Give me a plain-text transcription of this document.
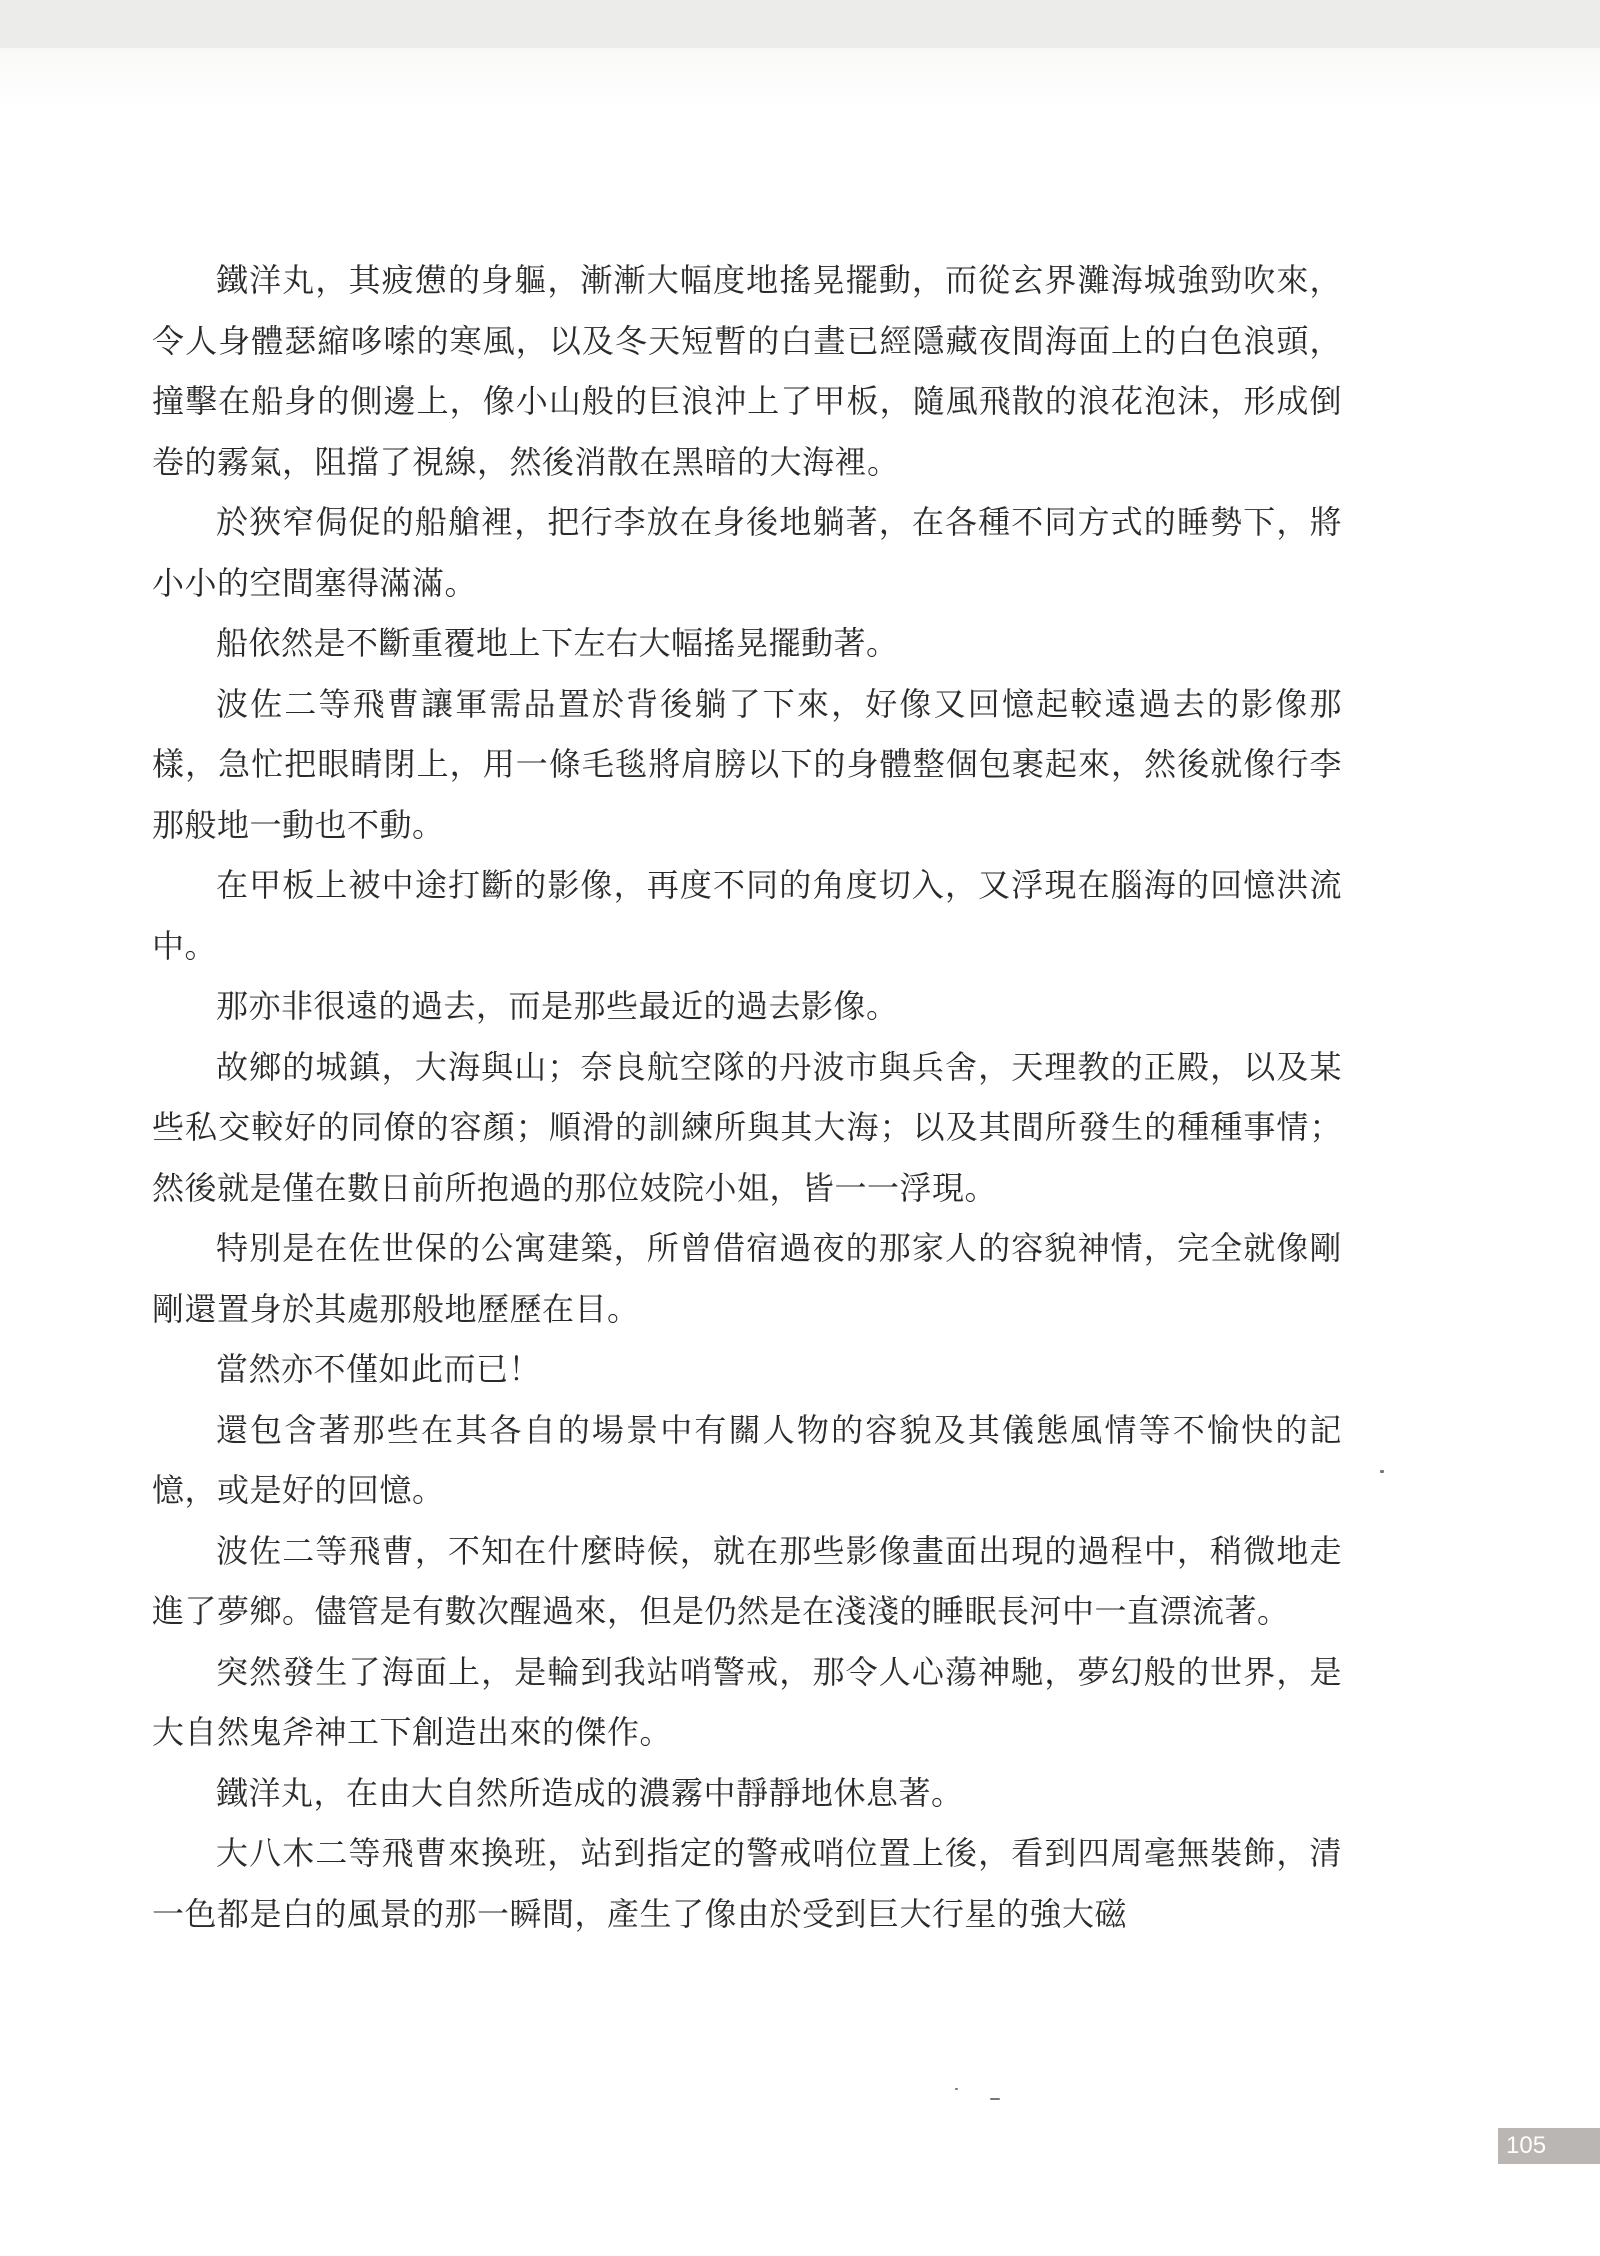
鐵洋丸，其疲憊的身軀，漸漸大幅度地搖晃擺動，而從玄界灘海城強勁吹來，令人身體瑟縮哆嗦的寒風，以及冬天短暫的白晝已經隱藏夜間海面上的白色浪頭，撞擊在船身的側邊上，像小山般的巨浪沖上了甲板，隨風飛散的浪花泡沫，形成倒卷的霧氣，阻擋了視線，然後消散在黑暗的大海裡。

於狹窄侷促的船艙裡，把行李放在身後地躺著，在各種不同方式的睡勢下，將小小的空間塞得滿滿。

船依然是不斷重覆地上下左右大幅搖晃擺動著。

波佐二等飛曹讓軍需品置於背後躺了下來，好像又回憶起較遠過去的影像那樣，急忙把眼睛閉上，用一條毛毯將肩膀以下的身體整個包裹起來，然後就像行李那般地一動也不動。

在甲板上被中途打斷的影像，再度不同的角度切入，又浮現在腦海的回憶洪流中。

那亦非很遠的過去，而是那些最近的過去影像。

故鄉的城鎮，大海與山；奈良航空隊的丹波市與兵舍，天理教的正殿，以及某些私交較好的同僚的容顏；順滑的訓練所與其大海；以及其間所發生的種種事情；然後就是僅在數日前所抱過的那位妓院小姐，皆一一浮現。

特別是在佐世保的公寓建築，所曾借宿過夜的那家人的容貌神情，完全就像剛剛還置身於其處那般地歷歷在目。

當然亦不僅如此而已！

還包含著那些在其各自的場景中有關人物的容貌及其儀態風情等不愉快的記憶，或是好的回憶。

波佐二等飛曹，不知在什麼時候，就在那些影像畫面出現的過程中，稍微地走進了夢鄉。儘管是有數次醒過來，但是仍然是在淺淺的睡眠長河中一直漂流著。

突然發生了海面上，是輪到我站哨警戒，那令人心蕩神馳，夢幻般的世界，是大自然鬼斧神工下創造出來的傑作。

鐵洋丸，在由大自然所造成的濃霧中靜靜地休息著。

大八木二等飛曹來換班，站到指定的警戒哨位置上後，看到四周毫無裝飾，清一色都是白的風景的那一瞬間，產生了像由於受到巨大行星的強大磁

105
